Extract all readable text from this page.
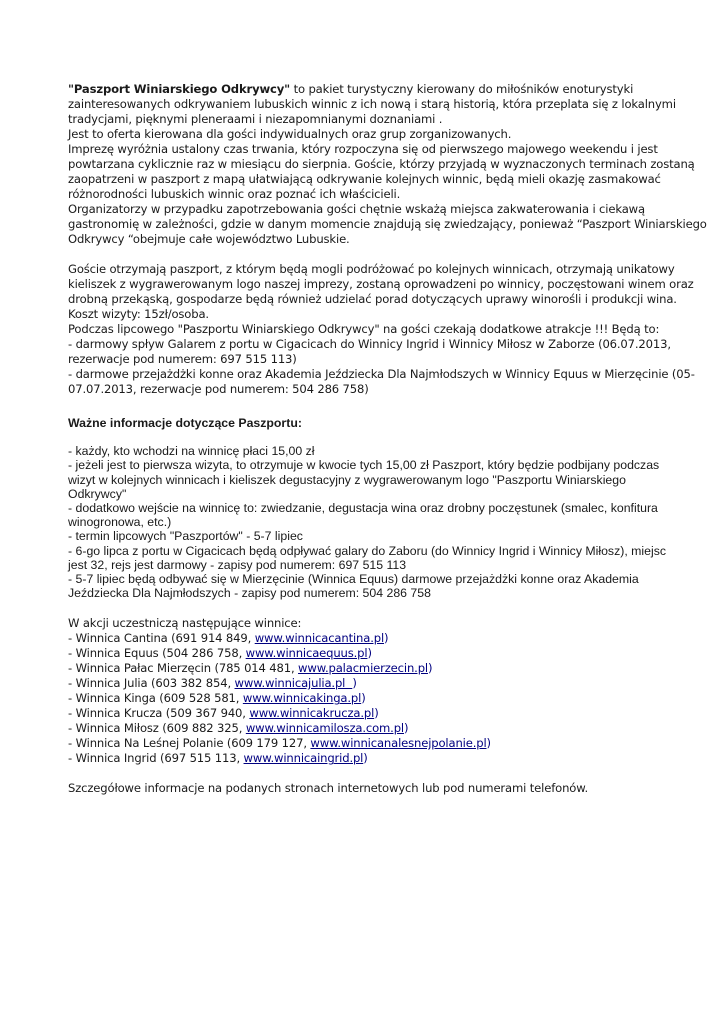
"Paszport Winiarskiego Odkrywcy" to pakiet turystyczny kierowany do miłośników enoturystyki
zainteresowanych odkrywaniem lubuskich winnic z ich nową i starą historią, która przeplata się z lokalnymi
tradycjami, pięknymi pleneraami i niezapomnianymi doznaniami .
Jest to oferta kierowana dla gości indywidualnych oraz grup zorganizowanych.
Imprezę wyróżnia ustalony czas trwania, który rozpoczyna się od pierwszego majowego weekendu i jest
powtarzana cyklicznie raz w miesiącu do sierpnia. Goście, którzy przyjadą w wyznaczonych terminach zostaną
zaopatrzeni w paszport z mapą ułatwiającą odkrywanie kolejnych winnic, będą mieli okazję zasmakować
różnorodności lubuskich winnic oraz poznać ich właścicieli.
Organizatorzy w przypadku zapotrzebowania gości chętnie wskażą miejsca zakwaterowania i ciekawą
gastronomię w zależności, gdzie w danym momencie znajdują się zwiedzający, ponieważ “Paszport Winiarskiego
Odkrywcy “obejmuje całe województwo Lubuskie.
Goście otrzymają paszport, z którym będą mogli podróżować po kolejnych winnicach, otrzymają unikatowy
kieliszek z wygrawerowanym logo naszej imprezy, zostaną oprowadzeni po winnicy, poczęstowani winem oraz
drobną przekąską, gospodarze będą również udzielać porad dotyczących uprawy winorośli i produkcji wina.
Koszt wizyty: 15zł/osoba.
Podczas lipcowego "Paszportu Winiarskiego Odkrywcy" na gości czekają dodatkowe atrakcje !!! Będą to:
- darmowy spływ Galarem z portu w Cigacicach do Winnicy Ingrid i Winnicy Miłosz w Zaborze (06.07.2013,
rezerwacje pod numerem: 697 515 113)
- darmowe przejażdżki konne oraz Akademia Jeździecka Dla Najmłodszych w Winnicy Equus w Mierzęcinie (05-
07.07.2013, rezerwacje pod numerem: 504 286 758)
Ważne informacje dotyczące Paszportu:
- każdy, kto wchodzi na winnicę płaci 15,00 zł
- jeżeli jest to pierwsza wizyta, to otrzymuje w kwocie tych 15,00 zł Paszport, który będzie podbijany podczas
wizyt w kolejnych winnicach i kieliszek degustacyjny z wygrawerowanym logo "Paszportu Winiarskiego
Odkrywcy"
- dodatkowo wejście na winnicę to: zwiedzanie, degustacja wina oraz drobny poczęstunek (smalec, konfitura
winogronowa, etc.)
- termin lipcowych "Paszportów" - 5-7 lipiec
- 6-go lipca z portu w Cigacicach będą odpływać galary do Zaboru (do Winnicy Ingrid i Winnicy Miłosz), miejsc
jest 32, rejs jest darmowy - zapisy pod numerem: 697 515 113
- 5-7 lipiec będą odbywać się w Mierzęcinie (Winnica Equus) darmowe przejażdżki konne oraz Akademia
Jeździecka Dla Najmłodszych - zapisy pod numerem: 504 286 758
W akcji uczestniczą następujące winnice:
- Winnica Cantina (691 914 849, www.winnicacantina.pl)
- Winnica Equus (504 286 758, www.winnicaequus.pl)
- Winnica Pałac Mierzęcin (785 014 481, www.palacmierzecin.pl)
- Winnica Julia (603 382 854, www.winnicajulia.pl  )
- Winnica Kinga (609 528 581, www.winnicakinga.pl)
- Winnica Krucza (509 367 940, www.winnicakrucza.pl)
- Winnica Miłosz (609 882 325, www.winnicamilosza.com.pl)
- Winnica Na Leśnej Polanie (609 179 127, www.winnicanalesnejpolanie.pl)
- Winnica Ingrid (697 515 113, www.winnicaingrid.pl)
Szczegółowe informacje na podanych stronach internetowych lub pod numerami telefonów.
